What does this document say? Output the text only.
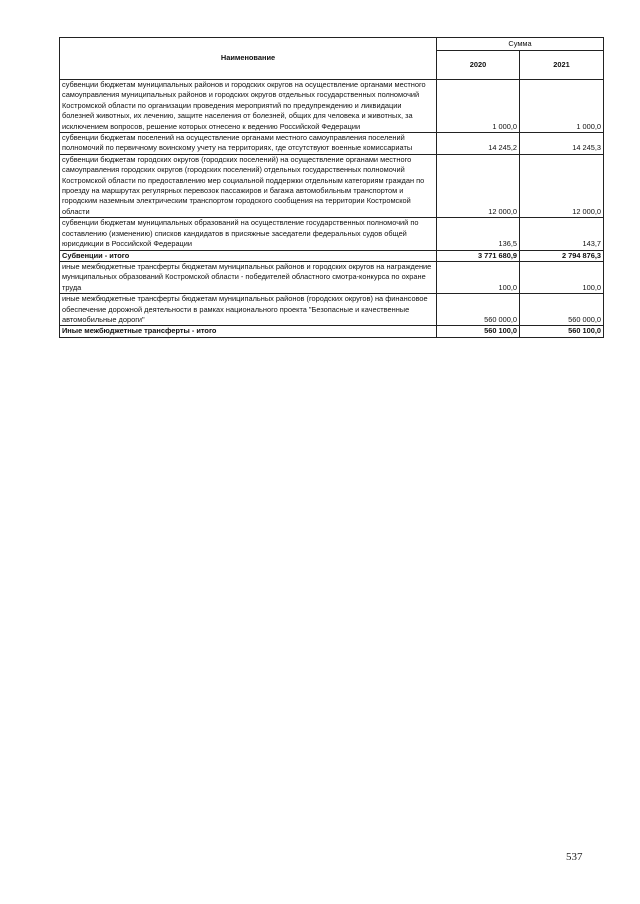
Наименование	Сумма	
	2020	2021
субвенции бюджетам муниципальных районов и городских округов на осуществление органами местного самоуправления муниципальных районов и городских округов отдельных государственных полномочий Костромской области по организации проведения мероприятий по предупреждению и ликвидации болезней животных, их лечению, защите населения от болезней, общих для человека и животных, за исключением вопросов, решение которых отнесено к ведению Российской Федерации	1 000,0	1 000,0
субвенции бюджетам поселений на осуществление органами местного самоуправления поселений полномочий по первичному воинскому учету на территориях, где отсутствуют военные комиссариаты	14 245,2	14 245,3
субвенции бюджетам городских округов (городских поселений) на осуществление органами местного самоуправления городских округов (городских поселений) отдельных государственных полномочий Костромской области по предоставлению мер социальной поддержки отдельным категориям граждан по проезду на маршрутах регулярных перевозок пассажиров и багажа автомобильным транспортом и городским наземным электрическим транспортом городского сообщения на территории Костромской области	12 000,0	12 000,0
субвенции бюджетам муниципальных образований на осуществление государственных полномочий по составлению (изменению) списков кандидатов в присяжные заседатели федеральных судов общей юрисдикции в Российской Федерации	136,5	143,7
Субвенции - итого	3 771 680,9	2 794 876,3
иные межбюджетные трансферты бюджетам муниципальных районов и городских округов на награждение муниципальных образований Костромской области - победителей областного смотра-конкурса по охране труда	100,0	100,0
иные межбюджетные трансферты бюджетам муниципальных районов (городских округов) на финансовое обеспечение дорожной деятельности в рамках национального проекта "Безопасные и качественные автомобильные дороги"	560 000,0	560 000,0
Иные межбюджетные трансферты - итого	560 100,0	560 100,0
537
